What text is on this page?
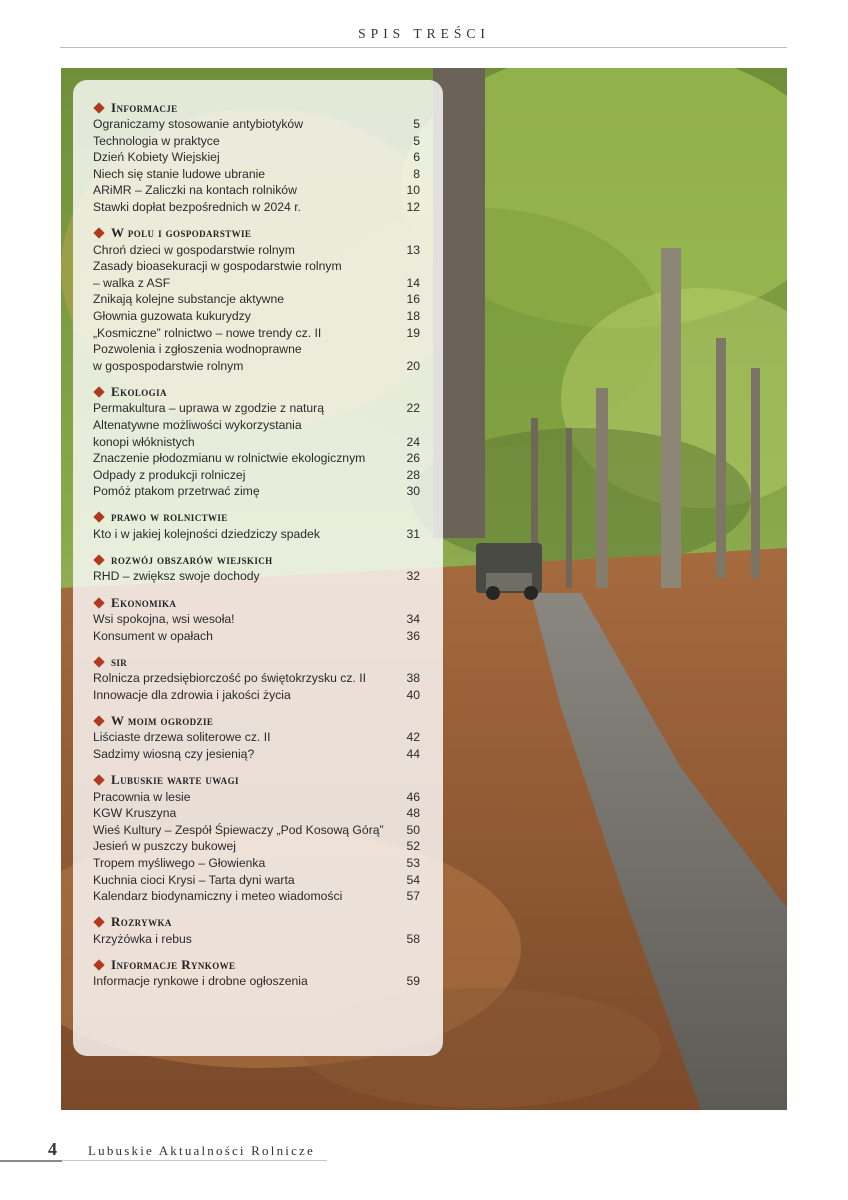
SPIS TREŚCI
Informacje
Ograniczamy stosowanie antybiotyków	5
Technologia w praktyce	5
Dzień Kobiety Wiejskiej	6
Niech się stanie ludowe ubranie	8
ARiMR – Zaliczki na kontach rolników	10
Stawki dopłat bezpośrednich w 2024 r.	12
W polu i gospodarstwie
Chroń dzieci w gospodarstwie rolnym	13
Zasady bioasekuracji w gospodarstwie rolnym
– walka z ASF	14
Znikają kolejne substancje aktywne	16
Głownia guzowata kukurydzy	18
„Kosmiczne” rolnictwo – nowe trendy cz. II	19
Pozwolenia i zgłoszenia wodnoprawne
w gospospodarstwie rolnym	20
Ekologia
Permakultura – uprawa w zgodzie z naturą	22
Altenatywne możliwości wykorzystania
konopi włóknistych	24
Znaczenie płodozmianu w rolnictwie ekologicznym	26
Odpady z produkcji rolniczej	28
Pomóż ptakom przetrwać zimę	30
prawo w rolnictwie
Kto i w jakiej kolejności dziedziczy spadek	31
rozwój obszarów wiejskich
RHD – zwiększ swoje dochody	32
Ekonomika
Wsi spokojna, wsi wesoła!	34
Konsument w opałach	36
sir
Rolnicza przedsiębiorczość po świętokrzysku cz. II	38
Innowacje dla zdrowia i jakości życia	40
W moim ogrodzie
Liściaste drzewa soliterowe cz. II	42
Sadzimy wiosną czy jesienią?	44
Lubuskie warte uwagi
Pracownia w lesie	46
KGW Kruszyna	48
Wieś Kultury – Zespół Śpiewaczy „Pod Kosową Górą”	50
Jesień w puszczy bukowej	52
Tropem myśliwego – Głowienka	53
Kuchnia cioci Krysi – Tarta dyni warta	54
Kalendarz biodynamiczny i meteo wiadomości	57
Rozrywka
Krzyżówka i rebus	58
Informacje Rynkowe
Informacje rynkowe i drobne ogłoszenia	59
4 Lubuskie Aktualności Rolnicze
